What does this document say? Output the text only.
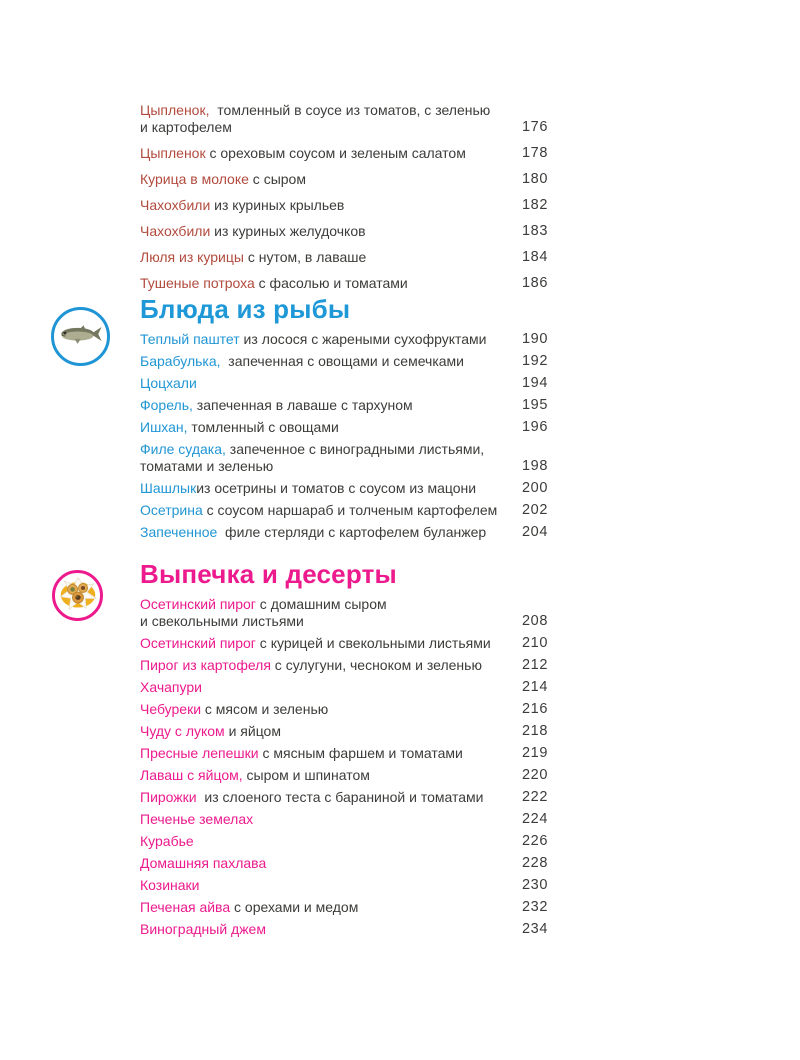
Цыпленок,  томленный в соусе из томатов, с зеленью
и картофелем	176
Цыпленок с ореховым соусом и зеленым салатом	178
Курица в молоке с сыром	180
Чахохбили из куриных крыльев	182
Чахохбили из куриных желудочков	183
Люля из курицы с нутом, в лаваше	184
Тушеные потроха с фасолью и томатами	186
Блюда из рыбы
Теплый паштет из лосося с жареными сухофруктами	190
Барабулька,  запеченная с овощами и семечками	192
Цоцхали	194
Форель, запеченная в лаваше с тархуном	195
Ишхан, томленный с овощами	196
Филе судака, запеченное с виноградными листьями,
томатами и зеленью	198
Шашлыкиз осетрины и томатов с соусом из мацони	200
Осетрина с соусом наршараб и толченым картофелем	202
Запеченное  филе стерляди с картофелем буланжер	204
Выпечка и десерты
Осетинский пирог с домашним сыром
и свекольными листьями	208
Осетинский пирог с курицей и свекольными листьями	210
Пирог из картофеля с сулугуни, чесноком и зеленью	212
Хачапури	214
Чебуреки с мясом и зеленью	216
Чуду с луком и яйцом	218
Пресные лепешки с мясным фаршем и томатами	219
Лаваш с яйцом, сыром и шпинатом	220
Пирожки  из слоеного теста с бараниной и томатами	222
Печенье земелах	224
Курабье	226
Домашняя пахлава	228
Козинаки	230
Печеная айва с орехами и медом	232
Виноградный джем	234
